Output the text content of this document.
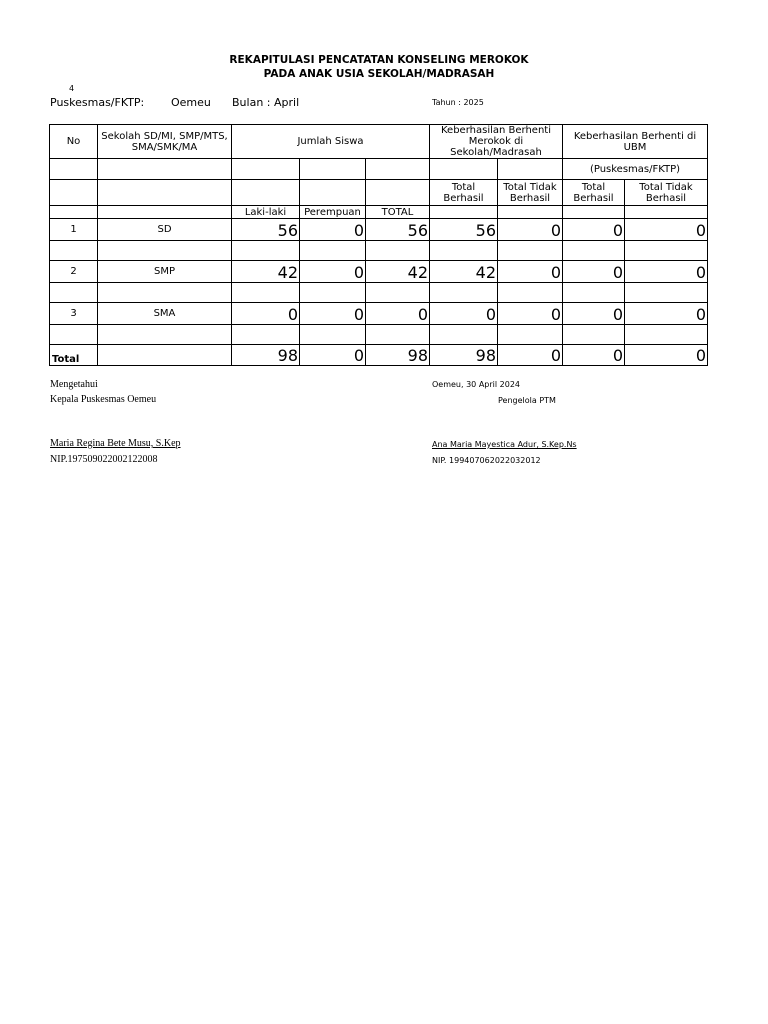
REKAPITULASI PENCATATAN KONSELING MEROKOK
PADA ANAK USIA SEKOLAH/MADRASAH
4
Puskesmas/FKTP: Oemeu Bulan : April	Tahun : 2025
No	Sekolah SD/MI, SMP/MTS, SMA/SMK/MA	Jumlah Siswa			Keberhasilan Berhenti Merokok di Sekolah/Madrasah		Keberhasilan Berhenti di UBM	
							(Puskesmas/FKTP)	
					Total Berhasil	Total Tidak Berhasil	Total Berhasil	Total Tidak Berhasil
		Laki-laki	Perempuan	TOTAL				
1	SD	56	0	56	56	0	0	0

2	SMP	42	0	42	42	0	0	0

3	SMA	0	0	0	0	0	0	0

Total		98	0	98	98	0	0	0
Mengetahui
Kepala Puskesmas Oemeu
Oemeu, 30 April 2024
Pengelola PTM
Maria Regina Bete Musu, S.Kep
NIP.197509022002122008
Ana Maria Mayestica Adur, S.Kep.Ns
NIP. 199407062022032012
